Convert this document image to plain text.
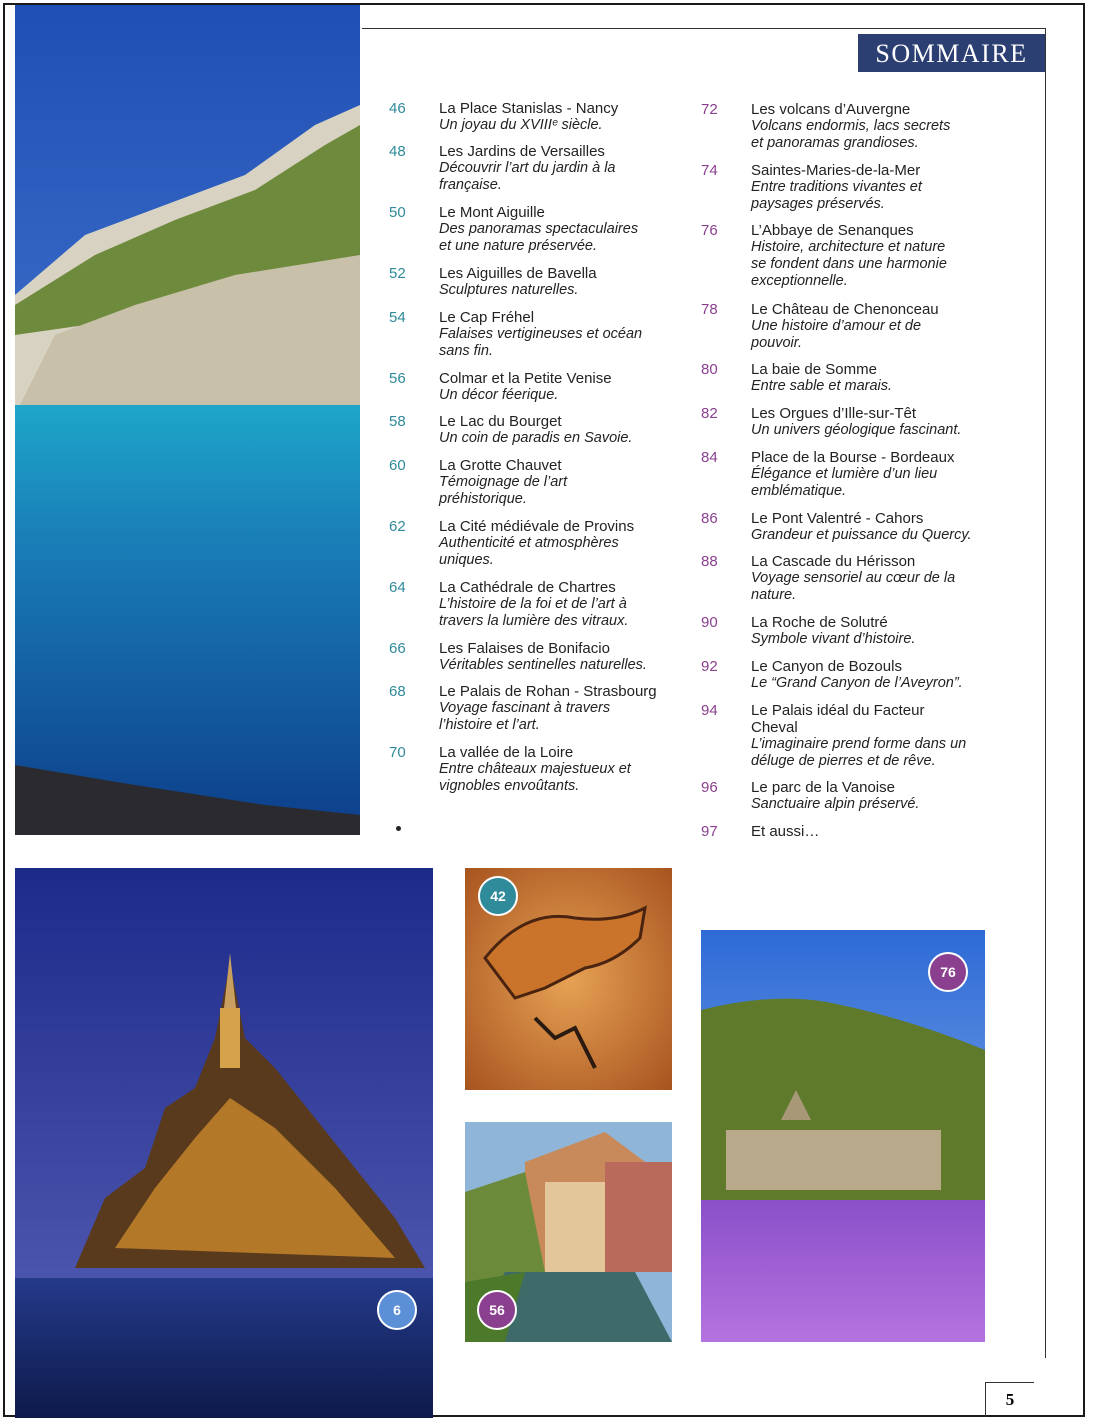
6
42
56
76
SOMMAIRE
46 La Place Stanislas - Nancy
Un joyau du XVIIIᵉ siècle.
48 Les Jardins de Versailles
Découvrir l’art du jardin à la
française.
50 Le Mont Aiguille
Des panoramas spectaculaires
et une nature préservée.
52 Les Aiguilles de Bavella
Sculptures naturelles.
54 Le Cap Fréhel
Falaises vertigineuses et océan
sans fin.
56 Colmar et la Petite Venise
Un décor féerique.
58 Le Lac du Bourget
Un coin de paradis en Savoie.
60 La Grotte Chauvet
Témoignage de l’art
préhistorique.
62 La Cité médiévale de Provins
Authenticité et atmosphères
uniques.
64 La Cathédrale de Chartres
L’histoire de la foi et de l’art à
travers la lumière des vitraux.
66 Les Falaises de Bonifacio
Véritables sentinelles naturelles.
68 Le Palais de Rohan - Strasbourg
Voyage fascinant à travers
l’histoire et l’art.
70 La vallée de la Loire
Entre châteaux majestueux et
vignobles envoûtants.
72 Les volcans d’Auvergne
Volcans endormis, lacs secrets
et panoramas grandioses.
74 Saintes-Maries-de-la-Mer
Entre traditions vivantes et
paysages préservés.
76 L’Abbaye de Senanques
Histoire, architecture et nature
se fondent dans une harmonie
exceptionnelle.
78 Le Château de Chenonceau
Une histoire d’amour et de
pouvoir.
80 La baie de Somme
Entre sable et marais.
82 Les Orgues d’Ille-sur-Têt
Un univers géologique fascinant.
84 Place de la Bourse - Bordeaux
Élégance et lumière d’un lieu
emblématique.
86 Le Pont Valentré - Cahors
Grandeur et puissance du Quercy.
88 La Cascade du Hérisson
Voyage sensoriel au cœur de la
nature.
90 La Roche de Solutré
Symbole vivant d’histoire.
92 Le Canyon de Bozouls
Le “Grand Canyon de l’Aveyron”.
94 Le Palais idéal du Facteur
Cheval
L’imaginaire prend forme dans un
déluge de pierres et de rêve.
96 Le parc de la Vanoise
Sanctuaire alpin préservé.
97 Et aussi…
5
